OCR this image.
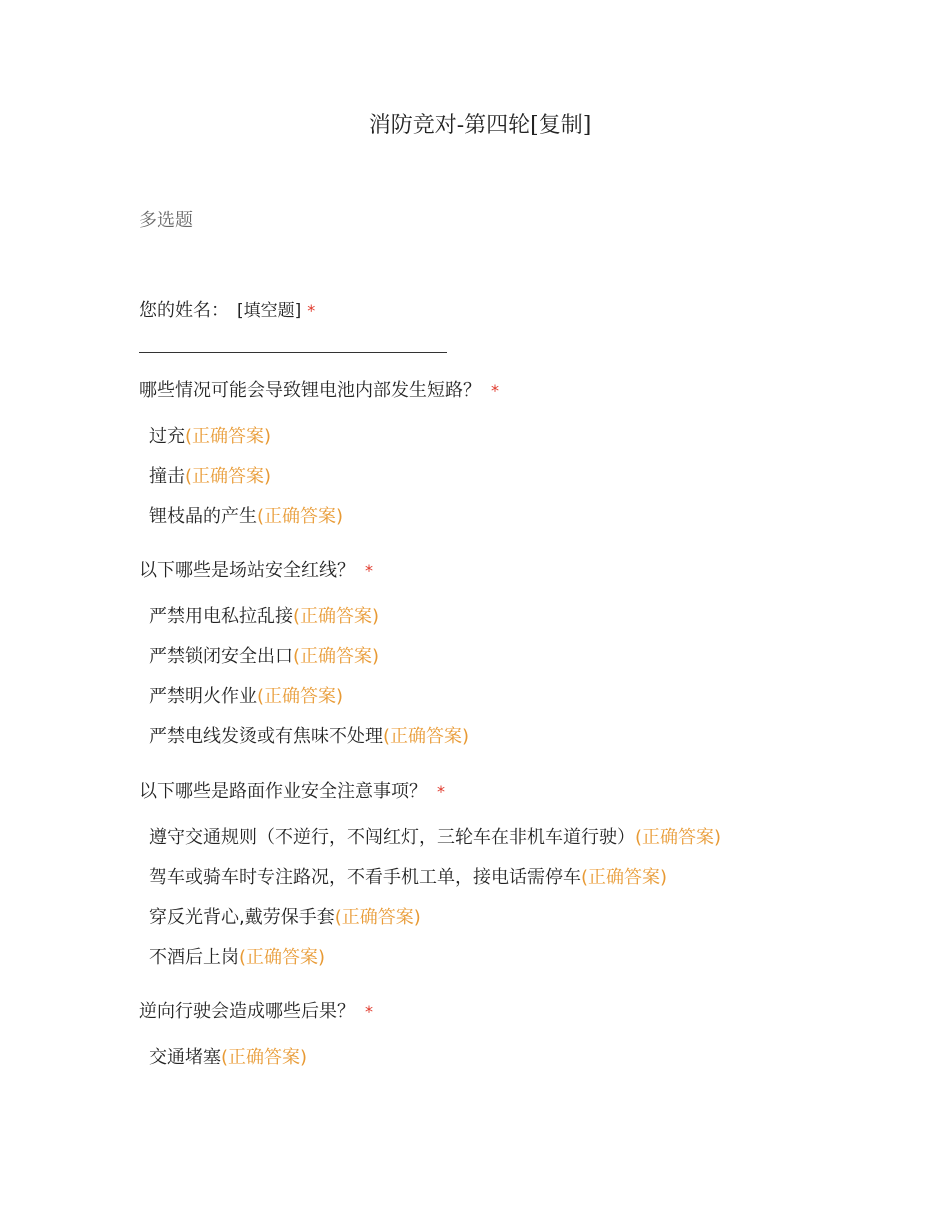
消防竞对-第四轮[复制]
多选题
您的姓名： [填空题] *
哪些情况可能会导致锂电池内部发生短路？ *
过充(正确答案)
撞击(正确答案)
锂枝晶的产生(正确答案)
以下哪些是场站安全红线？ *
严禁用电私拉乱接(正确答案)
严禁锁闭安全出口(正确答案)
严禁明火作业(正确答案)
严禁电线发烫或有焦味不处理(正确答案)
以下哪些是路面作业安全注意事项？ *
遵守交通规则（不逆行，不闯红灯，三轮车在非机车道行驶）(正确答案)
驾车或骑车时专注路况，不看手机工单，接电话需停车(正确答案)
穿反光背心,戴劳保手套(正确答案)
不酒后上岗(正确答案)
逆向行驶会造成哪些后果？ *
交通堵塞(正确答案)
